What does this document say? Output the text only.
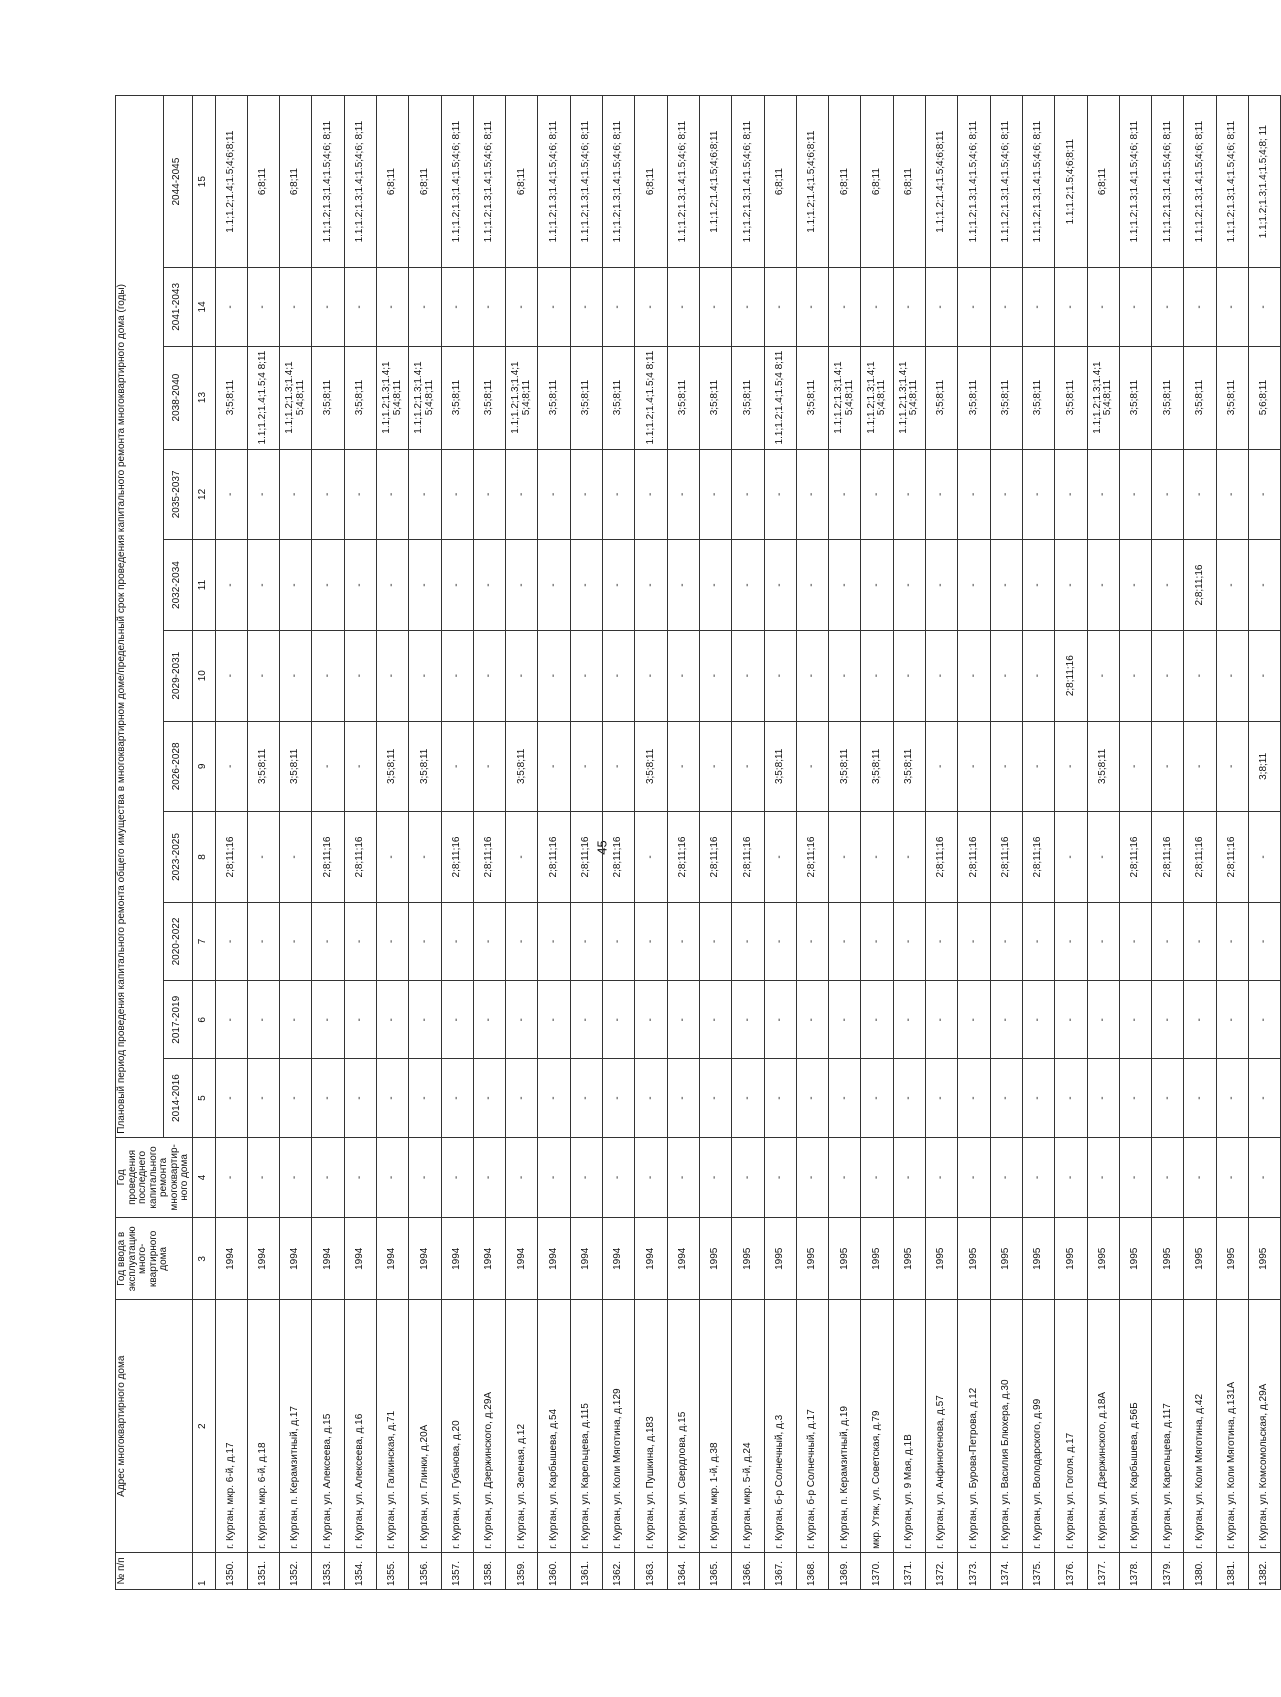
45
№ п/п	Адрес многоквартирного дома	Год ввода в эксплуатацию много-квартирного дома	Год проведения последнего капитального ремонта многоквартир-ного дома	Плановый период проведения капитального ремонта общего имущества в многоквартирном доме/предельный срок проведения капитального ремонта многоквартирного дома (годы)										
				2014-2016	2017-2019	2020-2022	2023-2025	2026-2028	2029-2031	2032-2034	2035-2037	2038-2040	2041-2043	2044-2045
1	2	3	4	5	6	7	8	9	10	11	12	13	14	15
1350.	г. Курган, мкр. 6-й, д.17	1994	-	-	-	-	2;8;11;16	-	-	-	-	3;5;8;11	-	1.1;1.2;1.4;1.5;4;6;8;11
1351.	г. Курган, мкр. 6-й, д.18	1994	-	-	-	-	-	3;5;8;11	-	-	-	1.1;1.2;1.4;1.5;4 8;11	-	6;8;11
1352.	г. Курган, п. Керамзитный, д.17	1994	-	-	-	-	-	3;5;8;11	-	-	-	1.1;1.2;1.3;1.4;1 5;4;8;11	-	6;8;11
1353.	г. Курган, ул. Алексеева, д.15	1994	-	-	-	-	2;8;11;16	-	-	-	-	3;5;8;11	-	1.1;1.2;1.3;1.4;1.5;4;6; 8;11
1354.	г. Курган, ул. Алексеева, д.16	1994	-	-	-	-	2;8;11;16	-	-	-	-	3;5;8;11	-	1.1;1.2;1.3;1.4;1.5;4;6; 8;11
1355.	г. Курган, ул. Галкинская, д.71	1994	-	-	-	-	-	3;5;8;11	-	-	-	1.1;1.2;1.3;1.4;1 5;4;8;11	-	6;8;11
1356.	г. Курган, ул. Глинки, д.20А	1994	-	-	-	-	-	3;5;8;11	-	-	-	1.1;1.2;1.3;1.4;1 5;4;8;11	-	6;8;11
1357.	г. Курган, ул. Губанова, д.20	1994	-	-	-	-	2;8;11;16	-	-	-	-	3;5;8;11	-	1.1;1.2;1.3;1.4;1.5;4;6; 8;11
1358.	г. Курган, ул. Дзержинского, д.29А	1994	-	-	-	-	2;8;11;16	-	-	-	-	3;5;8;11	-	1.1;1.2;1.3;1.4;1.5;4;6; 8;11
1359.	г. Курган, ул. Зеленая, д.12	1994	-	-	-	-	-	3;5;8;11	-	-	-	1.1;1.2;1.3;1.4;1 5;4;8;11	-	6;8;11
1360.	г. Курган, ул. Карбышева, д.54	1994	-	-	-	-	2;8;11;16	-	-	-	-	3;5;8;11	-	1.1;1.2;1.3;1.4;1.5;4;6; 8;11
1361.	г. Курган, ул. Карельцева, д.115	1994	-	-	-	-	2;8;11;16	-	-	-	-	3;5;8;11	-	1.1;1.2;1.3;1.4;1.5;4;6; 8;11
1362.	г. Курган, ул. Коли Мяготина, д.129	1994	-	-	-	-	2;8;11;16	-	-	-	-	3;5;8;11	-	1.1;1.2;1.3;1.4;1.5;4;6; 8;11
1363.	г. Курган, ул. Пушкина, д.183	1994	-	-	-	-	-	3;5;8;11	-	-	-	1.1;1.2;1.4;1.5;4 8;11	-	6;8;11
1364.	г. Курган, ул. Свердлова, д.15	1994	-	-	-	-	2;8;11;16	-	-	-	-	3;5;8;11	-	1.1;1.2;1.3;1.4;1.5;4;6; 8;11
1365.	г. Курган, мкр. 1-й, д.38	1995	-	-	-	-	2;8;11;16	-	-	-	-	3;5;8;11	-	1.1;1.2;1.4;1.5;4;6;8;11
1366.	г. Курган, мкр. 5-й, д.24	1995	-	-	-	-	2;8;11;16	-	-	-	-	3;5;8;11	-	1.1;1.2;1.3;1.4;1.5;4;6; 8;11
1367.	г. Курган, б-р Солнечный, д.3	1995	-	-	-	-	-	3;5;8;11	-	-	-	1.1;1.2;1.4;1.5;4 8;11	-	6;8;11
1368.	г. Курган, б-р Солнечный, д.17	1995	-	-	-	-	2;8;11;16	-	-	-	-	3;5;8;11	-	1.1;1.2;1.4;1.5;4;6;8;11
1369.	г. Курган, п. Керамзитный, д.19	1995	-	-	-	-	-	3;5;8;11	-	-	-	1.1;1.2;1.3;1.4;1 5;4;8;11	-	6;8;11
1370.	мкр. Утяк, ул. Советская, д.79	1995	-	-	-	-	-	3;5;8;11	-	-	-	1.1;1.2;1.3;1.4;1 5;4;8;11	-	6;8;11
1371.	г. Курган, ул. 9 Мая, д.1В	1995	-	-	-	-	-	3;5;8;11	-	-	-	1.1;1.2;1.3;1.4;1 5;4;8;11	-	6;8;11
1372.	г. Курган, ул. Анфиногенова, д.57	1995	-	-	-	-	2;8;11;16	-	-	-	-	3;5;8;11	-	1.1;1.2;1.4;1.5;4;6;8;11
1373.	г. Курган, ул. Бурова-Петрова, д.12	1995	-	-	-	-	2;8;11;16	-	-	-	-	3;5;8;11	-	1.1;1.2;1.3;1.4;1.5;4;6; 8;11
1374.	г. Курган, ул. Василия Блюхера, д.30	1995	-	-	-	-	2;8;11;16	-	-	-	-	3;5;8;11	-	1.1;1.2;1.3;1.4;1.5;4;6; 8;11
1375.	г. Курган, ул. Володарского, д.99	1995	-	-	-	-	2;8;11;16	-	-	-	-	3;5;8;11	-	1.1;1.2;1.3;1.4;1.5;4;6; 8;11
1376.	г. Курган, ул. Гоголя, д.17	1995	-	-	-	-	-	-	2;8;11;16	-	-	3;5;8;11	-	1.1;1.2;1.5;4;6;8;11
1377.	г. Курган, ул. Дзержинского, д.18А	1995	-	-	-	-	-	3;5;8;11	-	-	-	1.1;1.2;1.3;1.4;1 5;4;8;11	-	6;8;11
1378.	г. Курган, ул. Карбышева, д.56Б	1995	-	-	-	-	2;8;11;16	-	-	-	-	3;5;8;11	-	1.1;1.2;1.3;1.4;1.5;4;6; 8;11
1379.	г. Курган, ул. Карельцева, д.117	1995	-	-	-	-	2;8;11;16	-	-	-	-	3;5;8;11	-	1.1;1.2;1.3;1.4;1.5;4;6; 8;11
1380.	г. Курган, ул. Коли Мяготина, д.42	1995	-	-	-	-	2;8;11;16	-	-	2;8;11;16	-	3;5;8;11	-	1.1;1.2;1.3;1.4;1.5;4;6; 8;11
1381.	г. Курган, ул. Коли Мяготина, д.131А	1995	-	-	-	-	2;8;11;16	-	-	-	-	3;5;8;11	-	1.1;1.2;1.3;1.4;1.5;4;6; 8;11
1382.	г. Курган, ул. Комсомольская, д.29А	1995	-	-	-	-	-	3;8;11	-	-	-	5;6;8;11	-	1.1;1.2;1.3;1.4;1.5;4;8; 11
